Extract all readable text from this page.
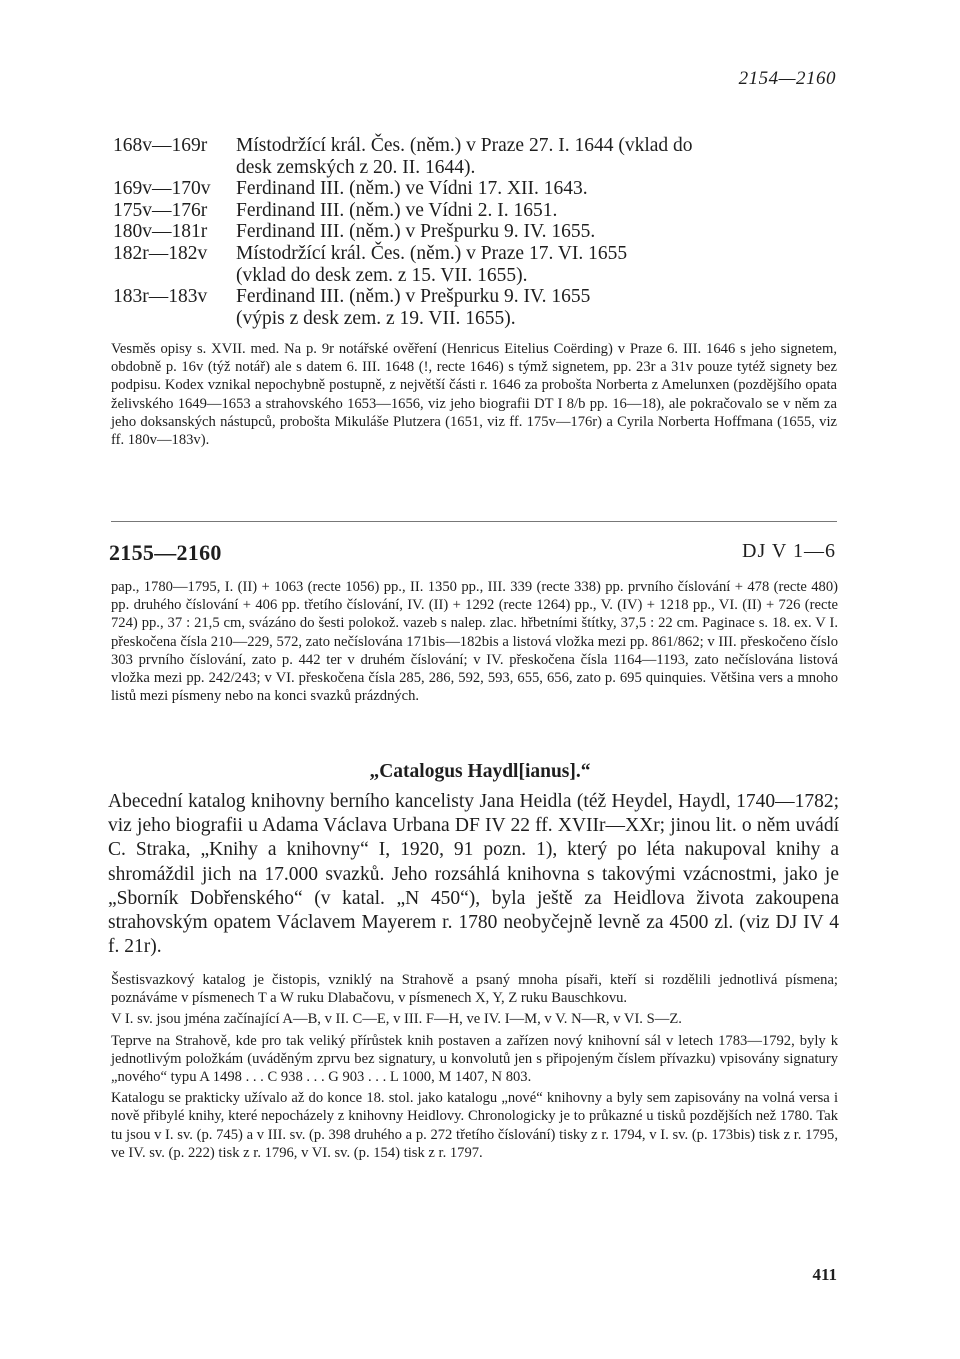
2154—2160
168v—169r	Místodržící král. Čes. (něm.) v Praze 27. I. 1644 (vklad do
desk zemských z 20. II. 1644).
169v—170v	Ferdinand III. (něm.) ve Vídni 17. XII. 1643.
175v—176r	Ferdinand III. (něm.) ve Vídni 2. I. 1651.
180v—181r	Ferdinand III. (něm.) v Prešpurku 9. IV. 1655.
182r—182v	Místodržící král. Čes. (něm.) v Praze 17. VI. 1655
(vklad do desk zem. z 15. VII. 1655).
183r—183v	Ferdinand III. (něm.) v Prešpurku 9. IV. 1655
(výpis z desk zem. z 19. VII. 1655).
Vesměs opisy s. XVII. med. Na p. 9r notářské ověření (Henricus Eitelius Coërding) v Praze 6. III. 1646 s jeho signetem, obdobně p. 16v (týž notář) ale s datem 6. III. 1648 (!, recte 1646) s týmž signetem, pp. 23r a 31v pouze tytéž signety bez podpisu. Kodex vznikal nepochybně postupně, z největší části r. 1646 za proboštа Norberta z Amelunxen (pozdějšího opata želivského 1649—1653 a strahovského 1653—1656, viz jeho biografii DT I 8/b pp. 16—18), ale pokračovalo se v něm za jeho doksanských nástupců, proboštа Mikuláše Plutzera (1651, viz ff. 175v—176r) a Cyrila Norberta Hoffmana (1655, viz ff. 180v—183v).
2155—2160	DJ V 1—6
pap., 1780—1795, I. (II) + 1063 (recte 1056) pp., II. 1350 pp., III. 339 (recte 338) pp. prvního číslování + 478 (recte 480) pp. druhého číslování + 406 pp. třetího číslování, IV. (II) + 1292 (recte 1264) pp., V. (IV) + 1218 pp., VI. (II) + 726 (recte 724) pp., 37 : 21,5 cm, svázáno do šesti polokož. vazeb s nalep. zlac. hřbetními štítky, 37,5 : 22 cm. Paginace s. 18. ex. V I. přeskočena čísla 210—229, 572, zato nečíslována 171bis—182bis a listová vložka mezi pp. 861/862; v III. přeskočeno číslo 303 prvního číslování, zato p. 442 ter v druhém číslování; v IV. přeskočena čísla 1164—1193, zato nečíslována listová vložka mezi pp. 242/243; v VI. přeskočena čísla 285, 286, 592, 593, 655, 656, zato p. 695 quinquies. Většina vers a mnoho listů mezi písmeny nebo na konci svazků prázdných.
„Catalogus Haydl[ianus].“
Abecední katalog knihovny berního kancelisty Jana Heidla (též Heydel, Haydl, 1740—1782; viz jeho biografii u Adama Václava Urbana DF IV 22 ff. XVIIr—XXr; jinou lit. o něm uvádí C. Straka, „Knihy a knihovny“ I, 1920, 91 pozn. 1), který po léta nakupoval knihy a shromáždil jich na 17.000 svazků. Jeho rozsáhlá knihovna s takovými vzácnostmi, jako je „Sborník Dobřenského“ (v katal. „N 450“), byla ještě za Heidlova života zakoupena strahovským opatem Václavem Mayerem r. 1780 neobyčejně levně za 4500 zl. (viz DJ IV 4 f. 21r).

Šestisvazkový katalog je čistopis, vzniklý na Strahově a psaný mnoha písaři, kteří si rozdělili jednotlivá písmena; poznáváme v písmenech T a W ruku Dlabačovu, v písmenech X, Y, Z ruku Bauschkovu.

V I. sv. jsou jména začínající A—B, v II. C—E, v III. F—H, ve IV. I—M, v V. N—R, v VI. S—Z.

Teprve na Strahově, kde pro tak veliký přírůstek knih postaven a zařízen nový knihovní sál v letech 1783—1792, byly k jednotlivým položkám (uváděným zprvu bez signatury, u konvolutů jen s připojeným číslem přívazku) vpisovány signatury „nového“ typu A 1498 . . . C 938 . . . G 903 . . . L 1000, M 1407, N 803.

Katalogu se prakticky užívalo až do konce 18. stol. jako katalogu „nové“ knihovny a byly sem zapisovány na volná versa i nově přibylé knihy, které nepocházely z knihovny Heidlovy. Chronologicky je to průkazné u tisků pozdějších než 1780. Tak tu jsou v I. sv. (p. 745) a v III. sv. (p. 398 druhého a p. 272 třetího číslování) tisky z r. 1794, v I. sv. (p. 173bis) tisk z r. 1795, ve IV. sv. (p. 222) tisk z r. 1796, v VI. sv. (p. 154) tisk z r. 1797.

411
